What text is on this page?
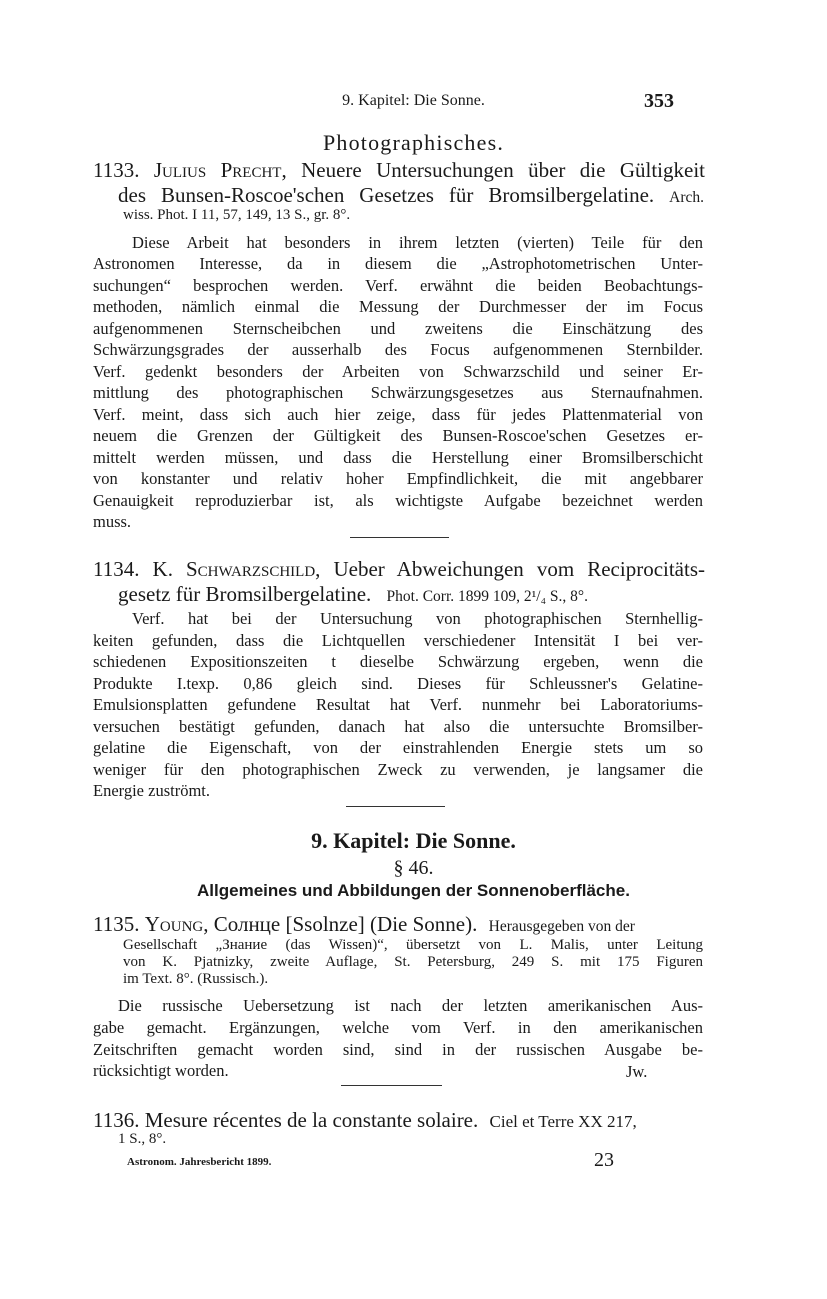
9. Kapitel: Die Sonne.	353
Photographisches.
1133. Julius Precht, Neuere Untersuchungen über die Gültigkeit
des Bunsen-Roscoe'schen Gesetzes für Bromsilbergelatine. Arch.
wiss. Phot. I 11, 57, 149, 13 S., gr. 8°.
Diese Arbeit hat besonders in ihrem letzten (vierten) Teile für den
Astronomen Interesse, da in diesem die „Astrophotometrischen Unter-
suchungen“ besprochen werden. Verf. erwähnt die beiden Beobachtungs-
methoden, nämlich einmal die Messung der Durchmesser der im Focus
aufgenommenen Sternscheibchen und zweitens die Einschätzung des
Schwärzungsgrades der ausserhalb des Focus aufgenommenen Sternbilder.
Verf. gedenkt besonders der Arbeiten von Schwarzschild und seiner Er-
mittlung des photographischen Schwärzungsgesetzes aus Sternaufnahmen.
Verf. meint, dass sich auch hier zeige, dass für jedes Plattenmaterial von
neuem die Grenzen der Gültigkeit des Bunsen-Roscoe'schen Gesetzes er-
mittelt werden müssen, und dass die Herstellung einer Bromsilberschicht
von konstanter und relativ hoher Empfindlichkeit, die mit angebbarer
Genauigkeit reproduzierbar ist, als wichtigste Aufgabe bezeichnet werden
muss.
1134. K. Schwarzschild, Ueber Abweichungen vom Reciprocitäts-
gesetz für Bromsilbergelatine. Phot. Corr. 1899 109, 2¹/₄ S., 8°.
Verf. hat bei der Untersuchung von photographischen Sternhellig-
keiten gefunden, dass die Lichtquellen verschiedener Intensität I bei ver-
schiedenen Expositionszeiten t dieselbe Schwärzung ergeben, wenn die
Produkte I.texp. 0,86 gleich sind. Dieses für Schleussner's Gelatine-
Emulsionsplatten gefundene Resultat hat Verf. nunmehr bei Laboratoriums-
versuchen bestätigt gefunden, danach hat also die untersuchte Bromsilber-
gelatine die Eigenschaft, von der einstrahlenden Energie stets um so
weniger für den photographischen Zweck zu verwenden, je langsamer die
Energie zuströmt.
9. Kapitel: Die Sonne.
§ 46.
Allgemeines und Abbildungen der Sonnenoberfläche.
1135. Young, Солнце [Ssolnze] (Die Sonne). Herausgegeben von der
Gesellschaft „Знание (das Wissen)“, übersetzt von L. Malis, unter Leitung
von K. Pjatnizky, zweite Auflage, St. Petersburg, 249 S. mit 175 Figuren
im Text. 8°. (Russisch.).
Die russische Uebersetzung ist nach der letzten amerikanischen Aus-
gabe gemacht. Ergänzungen, welche vom Verf. in den amerikanischen
Zeitschriften gemacht worden sind, sind in der russischen Ausgabe be-
rücksichtigt worden.	Jw.
1136. Mesure récentes de la constante solaire. Ciel et Terre XX 217,
1 S., 8°.
Astronom. Jahresbericht 1899.	23
